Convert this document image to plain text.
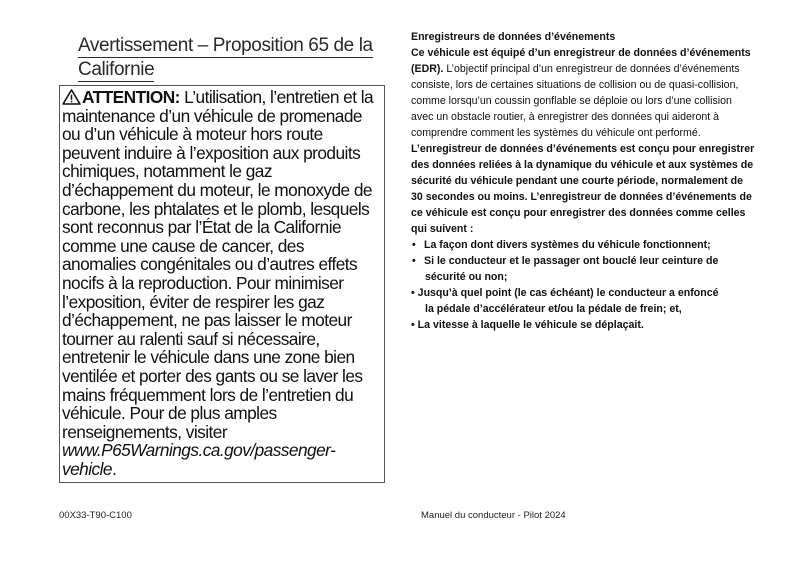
Avertissement – Proposition 65 de la
Californie

ATTENTION: L’utilisation, l’entretien et la maintenance d’un véhicule de promenade ou d’un véhicule à moteur hors route peuvent induire à l’exposition aux produits chimiques, notamment le gaz d’échappement du moteur, le monoxyde de carbone, les phtalates et le plomb, lesquels sont reconnus par l’État de la Californie comme une cause de cancer, des anomalies congénitales ou d’autres effets nocifs à la reproduction. Pour minimiser l’exposition, éviter de respirer les gaz d’échappement, ne pas laisser le moteur tourner au ralenti sauf si nécessaire, entretenir le véhicule dans une zone bien ventilée et porter des gants ou se laver les mains fréquemment lors de l’entretien du véhicule. Pour de plus amples renseignements, visiter www.P65Warnings.ca.gov/passenger-vehicle.

Enregistreurs de données d’événements

Ce véhicule est équipé d’un enregistreur de données d’événements (EDR). L’objectif principal d’un enregistreur de données d’événements consiste, lors de certaines situations de collision ou de quasi-collision, comme lorsqu’un coussin gonflable se déploie ou lors d’une collision avec un obstacle routier, à enregistrer des données qui aideront à comprendre comment les systèmes du véhicule ont performé. L’enregistreur de données d’événements est conçu pour enregistrer des données reliées à la dynamique du véhicule et aux systèmes de sécurité du véhicule pendant une courte période, normalement de 30 secondes ou moins. L’enregistreur de données d’événements de ce véhicule est conçu pour enregistrer des données comme celles qui suivent :

• La façon dont divers systèmes du véhicule fonctionnent;

• Si le conducteur et le passager ont bouclé leur ceinture de
sécurité ou non;

• Jusqu’à quel point (le cas échéant) le conducteur a enfoncé
la pédale d’accélérateur et/ou la pédale de frein; et,

• La vitesse à laquelle le véhicule se déplaçait.

00X33-T90-C100	Manuel du conducteur - Pilot 2024
